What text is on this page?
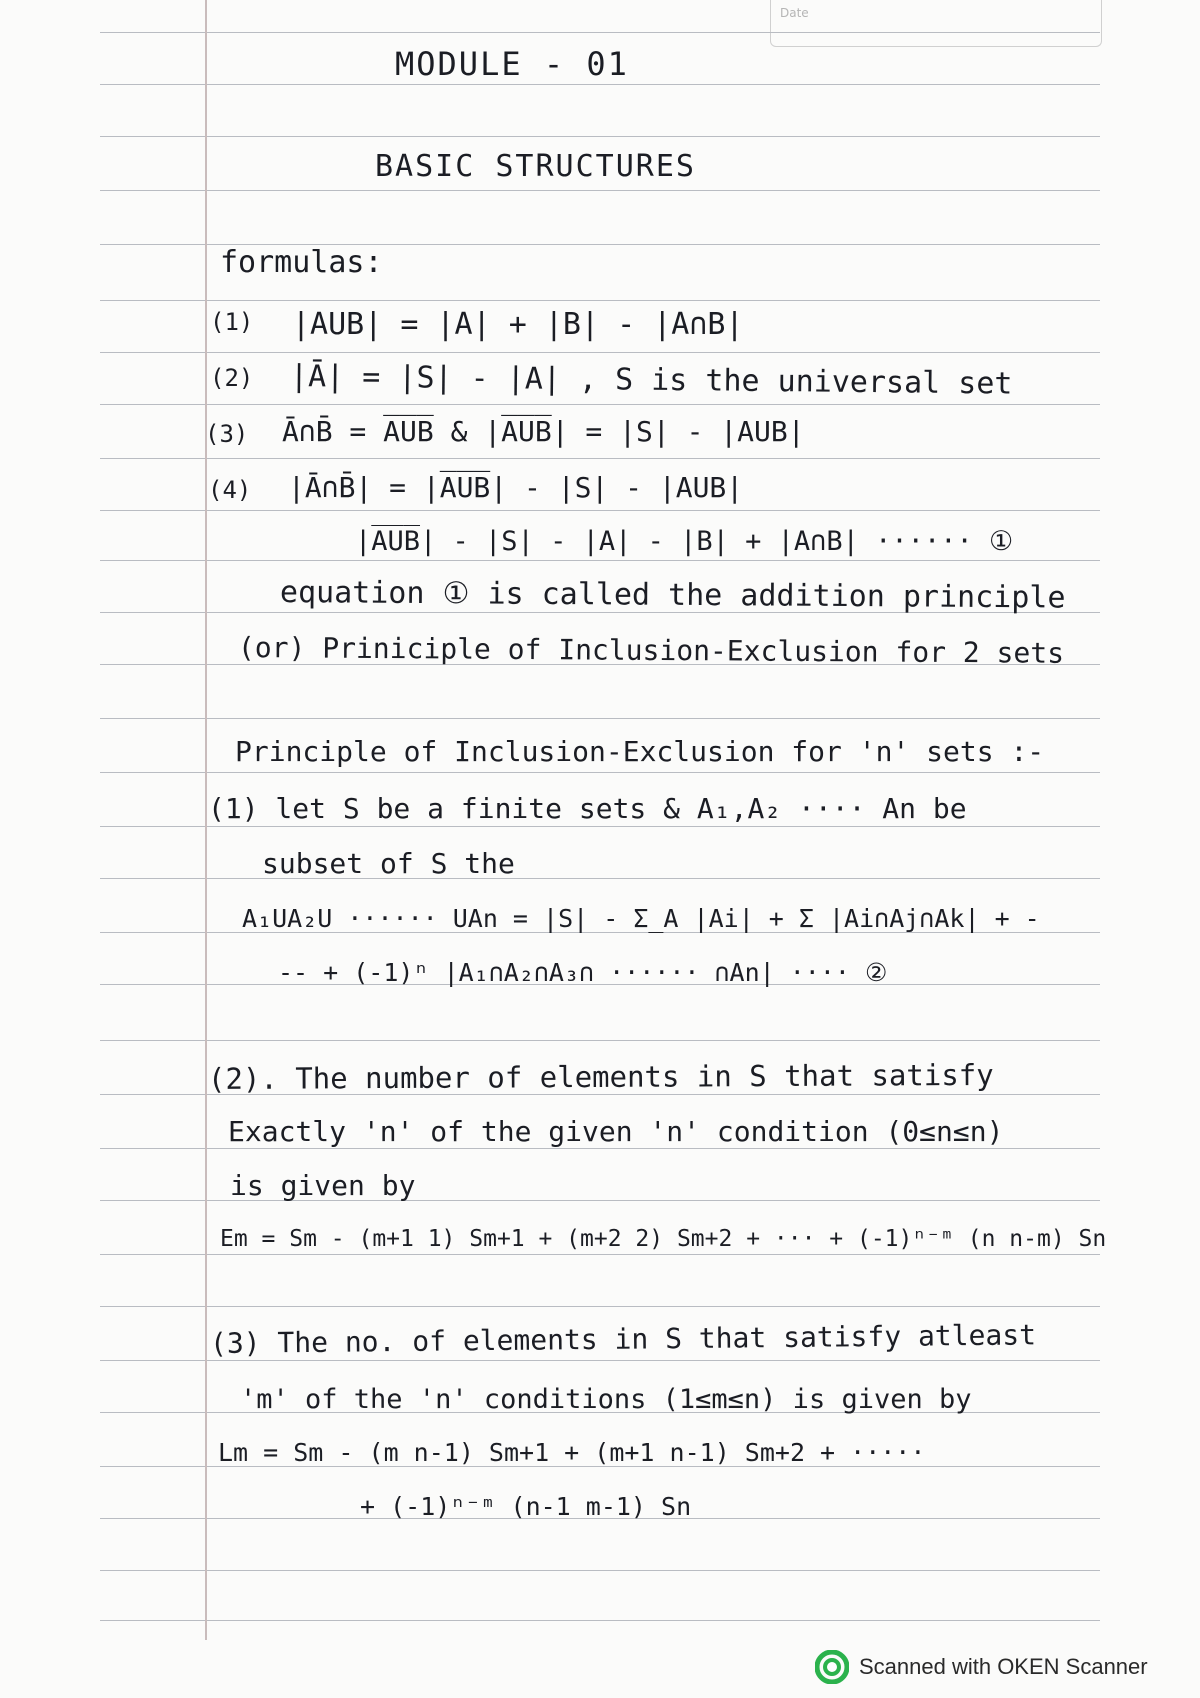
Date
MODULE - 01
BASIC STRUCTURES
formulas:
(1) |AUB| = |A| + |B| - |A∩B|
(2) |Ā| = |S| - |A| , S is the universal set
(3) Ā∩B̄ = A̅U̅B̅ & |A̅U̅B̅| = |S| - |AUB|
(4) |Ā∩B̄| = |A̅U̅B̅| - |S| - |AUB|
|A̅U̅B̅| - |S| - |A| - |B| + |A∩B| ······ ①
equation ① is called the addition principle
(or) Priniciple of Inclusion-Exclusion for 2 sets
Principle of Inclusion-Exclusion for 'n' sets :-
(1) let S be a finite sets & A₁,A₂ ···· An be
subset of S the
A₁UA₂U ······ UAn = |S| - Σ_A |Ai| + Σ |Ai∩Aj∩Ak| + -
-- + (-1)ⁿ |A₁∩A₂∩A₃∩ ······ ∩An| ···· ②
(2). The number of elements in S that satisfy
Exactly 'n' of the given 'n' condition (0≤n≤n)
is given by
Em = Sm - (m+1 1) Sm+1 + (m+2 2) Sm+2 + ··· + (-1)ⁿ⁻ᵐ (n n-m) Sn
(3) The no. of elements in S that satisfy atleast
'm' of the 'n' conditions (1≤m≤n) is given by
Lm = Sm - (m n-1) Sm+1 + (m+1 n-1) Sm+2 + ·····
+ (-1)ⁿ⁻ᵐ (n-1 m-1) Sn
Scanned with OKEN Scanner
